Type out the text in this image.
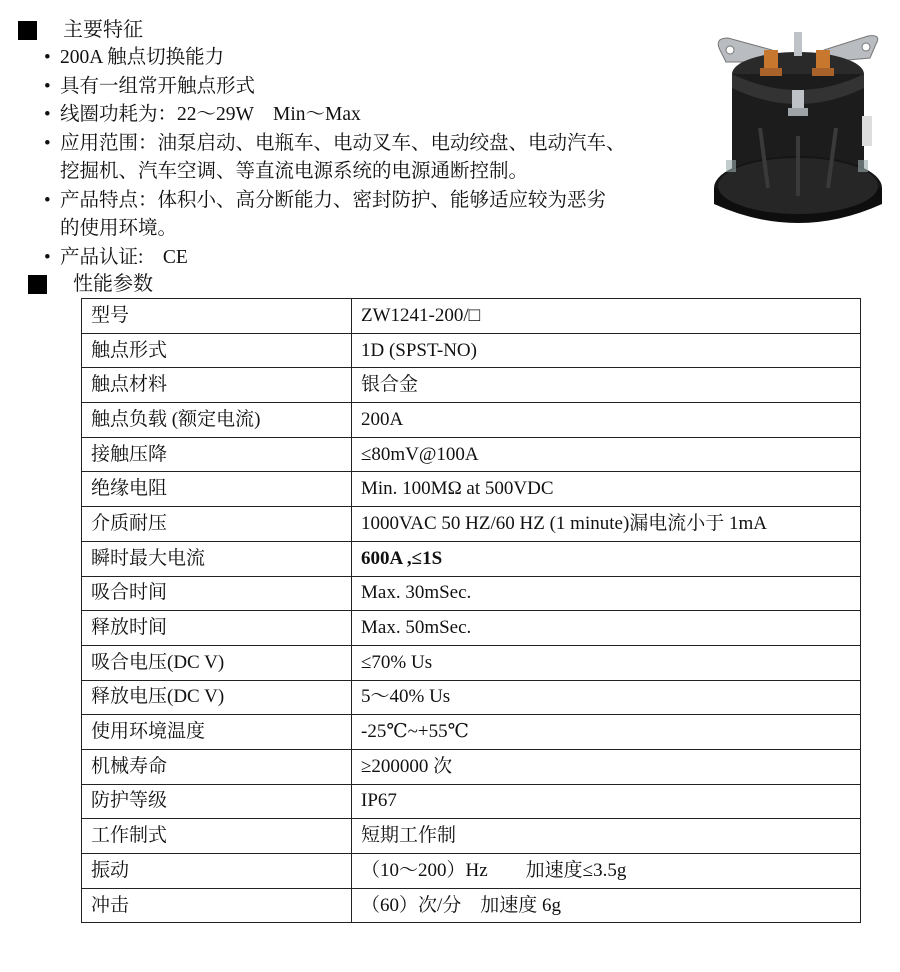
主要特征
• 200A 触点切换能力
• 具有一组常开触点形式
• 线圈功耗为：22～29W　Min～Max
• 应用范围：油泵启动、电瓶车、电动叉车、电动绞盘、电动汽车、
挖掘机、汽车空调、等直流电源系统的电源通断控制。
• 产品特点：体积小、高分断能力、密封防护、能够适应较为恶劣
的使用环境。
• 产品认证:　CE
性能参数
型号	ZW1241-200/□
触点形式	1D (SPST-NO)
触点材料	银合金
触点负载 (额定电流)	200A
接触压降	≤80mV@100A
绝缘电阻	Min. 100MΩ at 500VDC
介质耐压	1000VAC 50 HZ/60 HZ (1 minute)漏电流小于 1mA
瞬时最大电流	600A ,≤1S
吸合时间	Max. 30mSec.
释放时间	Max. 50mSec.
吸合电压(DC V)	≤70% Us
释放电压(DC V)	5～40% Us
使用环境温度	-25℃~+55℃
机械寿命	≥200000 次
防护等级	IP67
工作制式	短期工作制
振动	（10～200）Hz　　加速度≤3.5g
冲击	（60）次/分　加速度 6g
